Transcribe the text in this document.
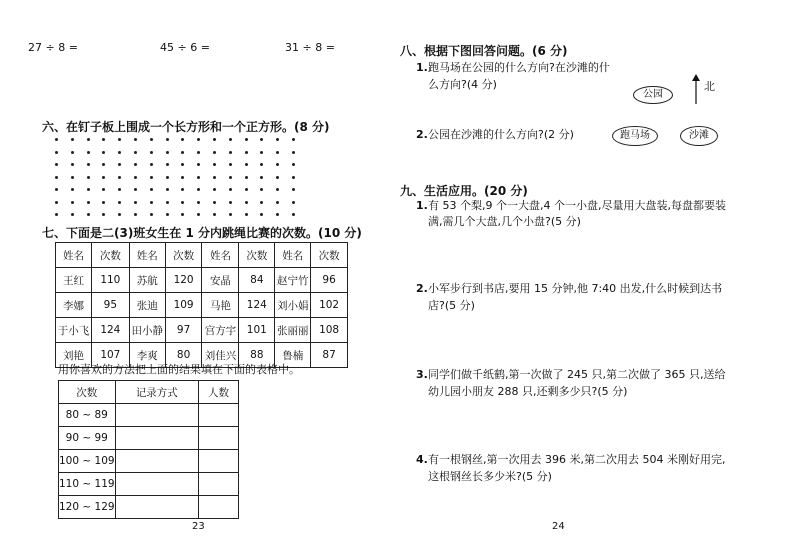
27 ÷ 8 =	45 ÷ 6 =	31 ÷ 8 =
六、在钉子板上围成一个长方形和一个正方形。(8 分)
七、下面是二(3)班女生在 1 分内跳绳比赛的次数。(10 分)
姓名	次数	姓名	次数	姓名	次数	姓名	次数
王红	110	苏航	120	安晶	84	赵宁竹	96
李娜	95	张迪	109	马艳	124	刘小娟	102
于小飞	124	田小静	97	宫方宇	101	张丽丽	108
刘艳	107	李爽	80	刘佳兴	88	鲁楠	87
用你喜欢的方法把上面的结果填在下面的表格中。
次数	记录方式	人数
80 ~ 89		
90 ~ 99		
100 ~ 109		
110 ~ 119		
120 ~ 129		
23
八、根据下图回答问题。(6 分)
1. 跑马场在公园的什么方向?在沙滩的什
么方向?(4 分)
2. 公园在沙滩的什么方向?(2 分)
公园
跑马场	沙滩
北
九、生活应用。(20 分)
1. 有 53 个梨,9 个一大盘,4 个一小盘,尽量用大盘装,每盘都要装
满,需几个大盘,几个小盘?(5 分)
2. 小军步行到书店,要用 15 分钟,他 7:40 出发,什么时候到达书
店?(5 分)
3. 同学们做千纸鹤,第一次做了 245 只,第二次做了 365 只,送给
幼儿园小朋友 288 只,还剩多少只?(5 分)
4. 有一根钢丝,第一次用去 396 米,第二次用去 504 米刚好用完,
这根钢丝长多少米?(5 分)
24
